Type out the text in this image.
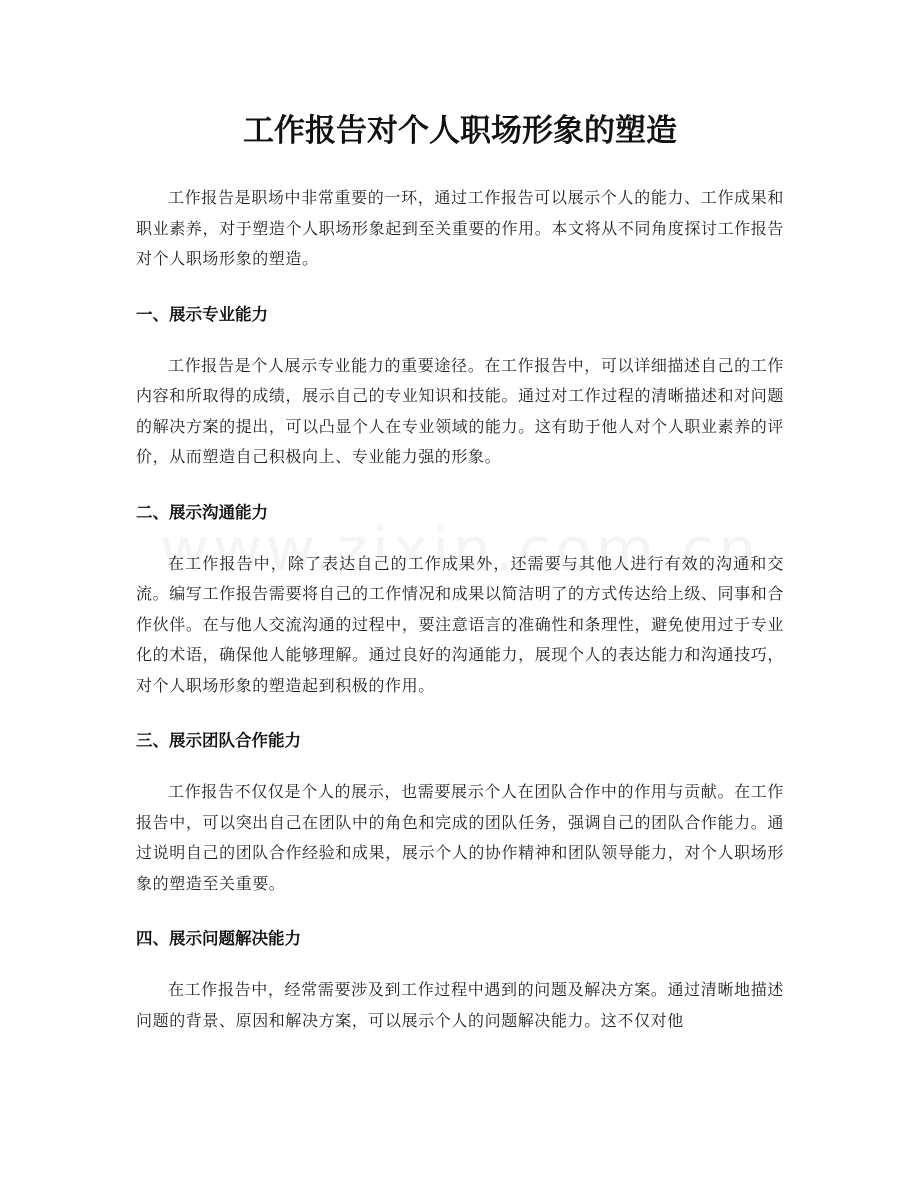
工作报告对个人职场形象的塑造

工作报告是职场中非常重要的一环，通过工作报告可以展示个人的能力、工作成果和职业素养，对于塑造个人职场形象起到至关重要的作用。本文将从不同角度探讨工作报告对个人职场形象的塑造。

一、展示专业能力

工作报告是个人展示专业能力的重要途径。在工作报告中，可以详细描述自己的工作内容和所取得的成绩，展示自己的专业知识和技能。通过对工作过程的清晰描述和对问题的解决方案的提出，可以凸显个人在专业领域的能力。这有助于他人对个人职业素养的评价，从而塑造自己积极向上、专业能力强的形象。

二、展示沟通能力

在工作报告中，除了表达自己的工作成果外，还需要与其他人进行有效的沟通和交流。编写工作报告需要将自己的工作情况和成果以简洁明了的方式传达给上级、同事和合作伙伴。在与他人交流沟通的过程中，要注意语言的准确性和条理性，避免使用过于专业化的术语，确保他人能够理解。通过良好的沟通能力，展现个人的表达能力和沟通技巧，对个人职场形象的塑造起到积极的作用。

三、展示团队合作能力

工作报告不仅仅是个人的展示，也需要展示个人在团队合作中的作用与贡献。在工作报告中，可以突出自己在团队中的角色和完成的团队任务，强调自己的团队合作能力。通过说明自己的团队合作经验和成果，展示个人的协作精神和团队领导能力，对个人职场形象的塑造至关重要。

四、展示问题解决能力

在工作报告中，经常需要涉及到工作过程中遇到的问题及解决方案。通过清晰地描述问题的背景、原因和解决方案，可以展示个人的问题解决能力。这不仅对他
